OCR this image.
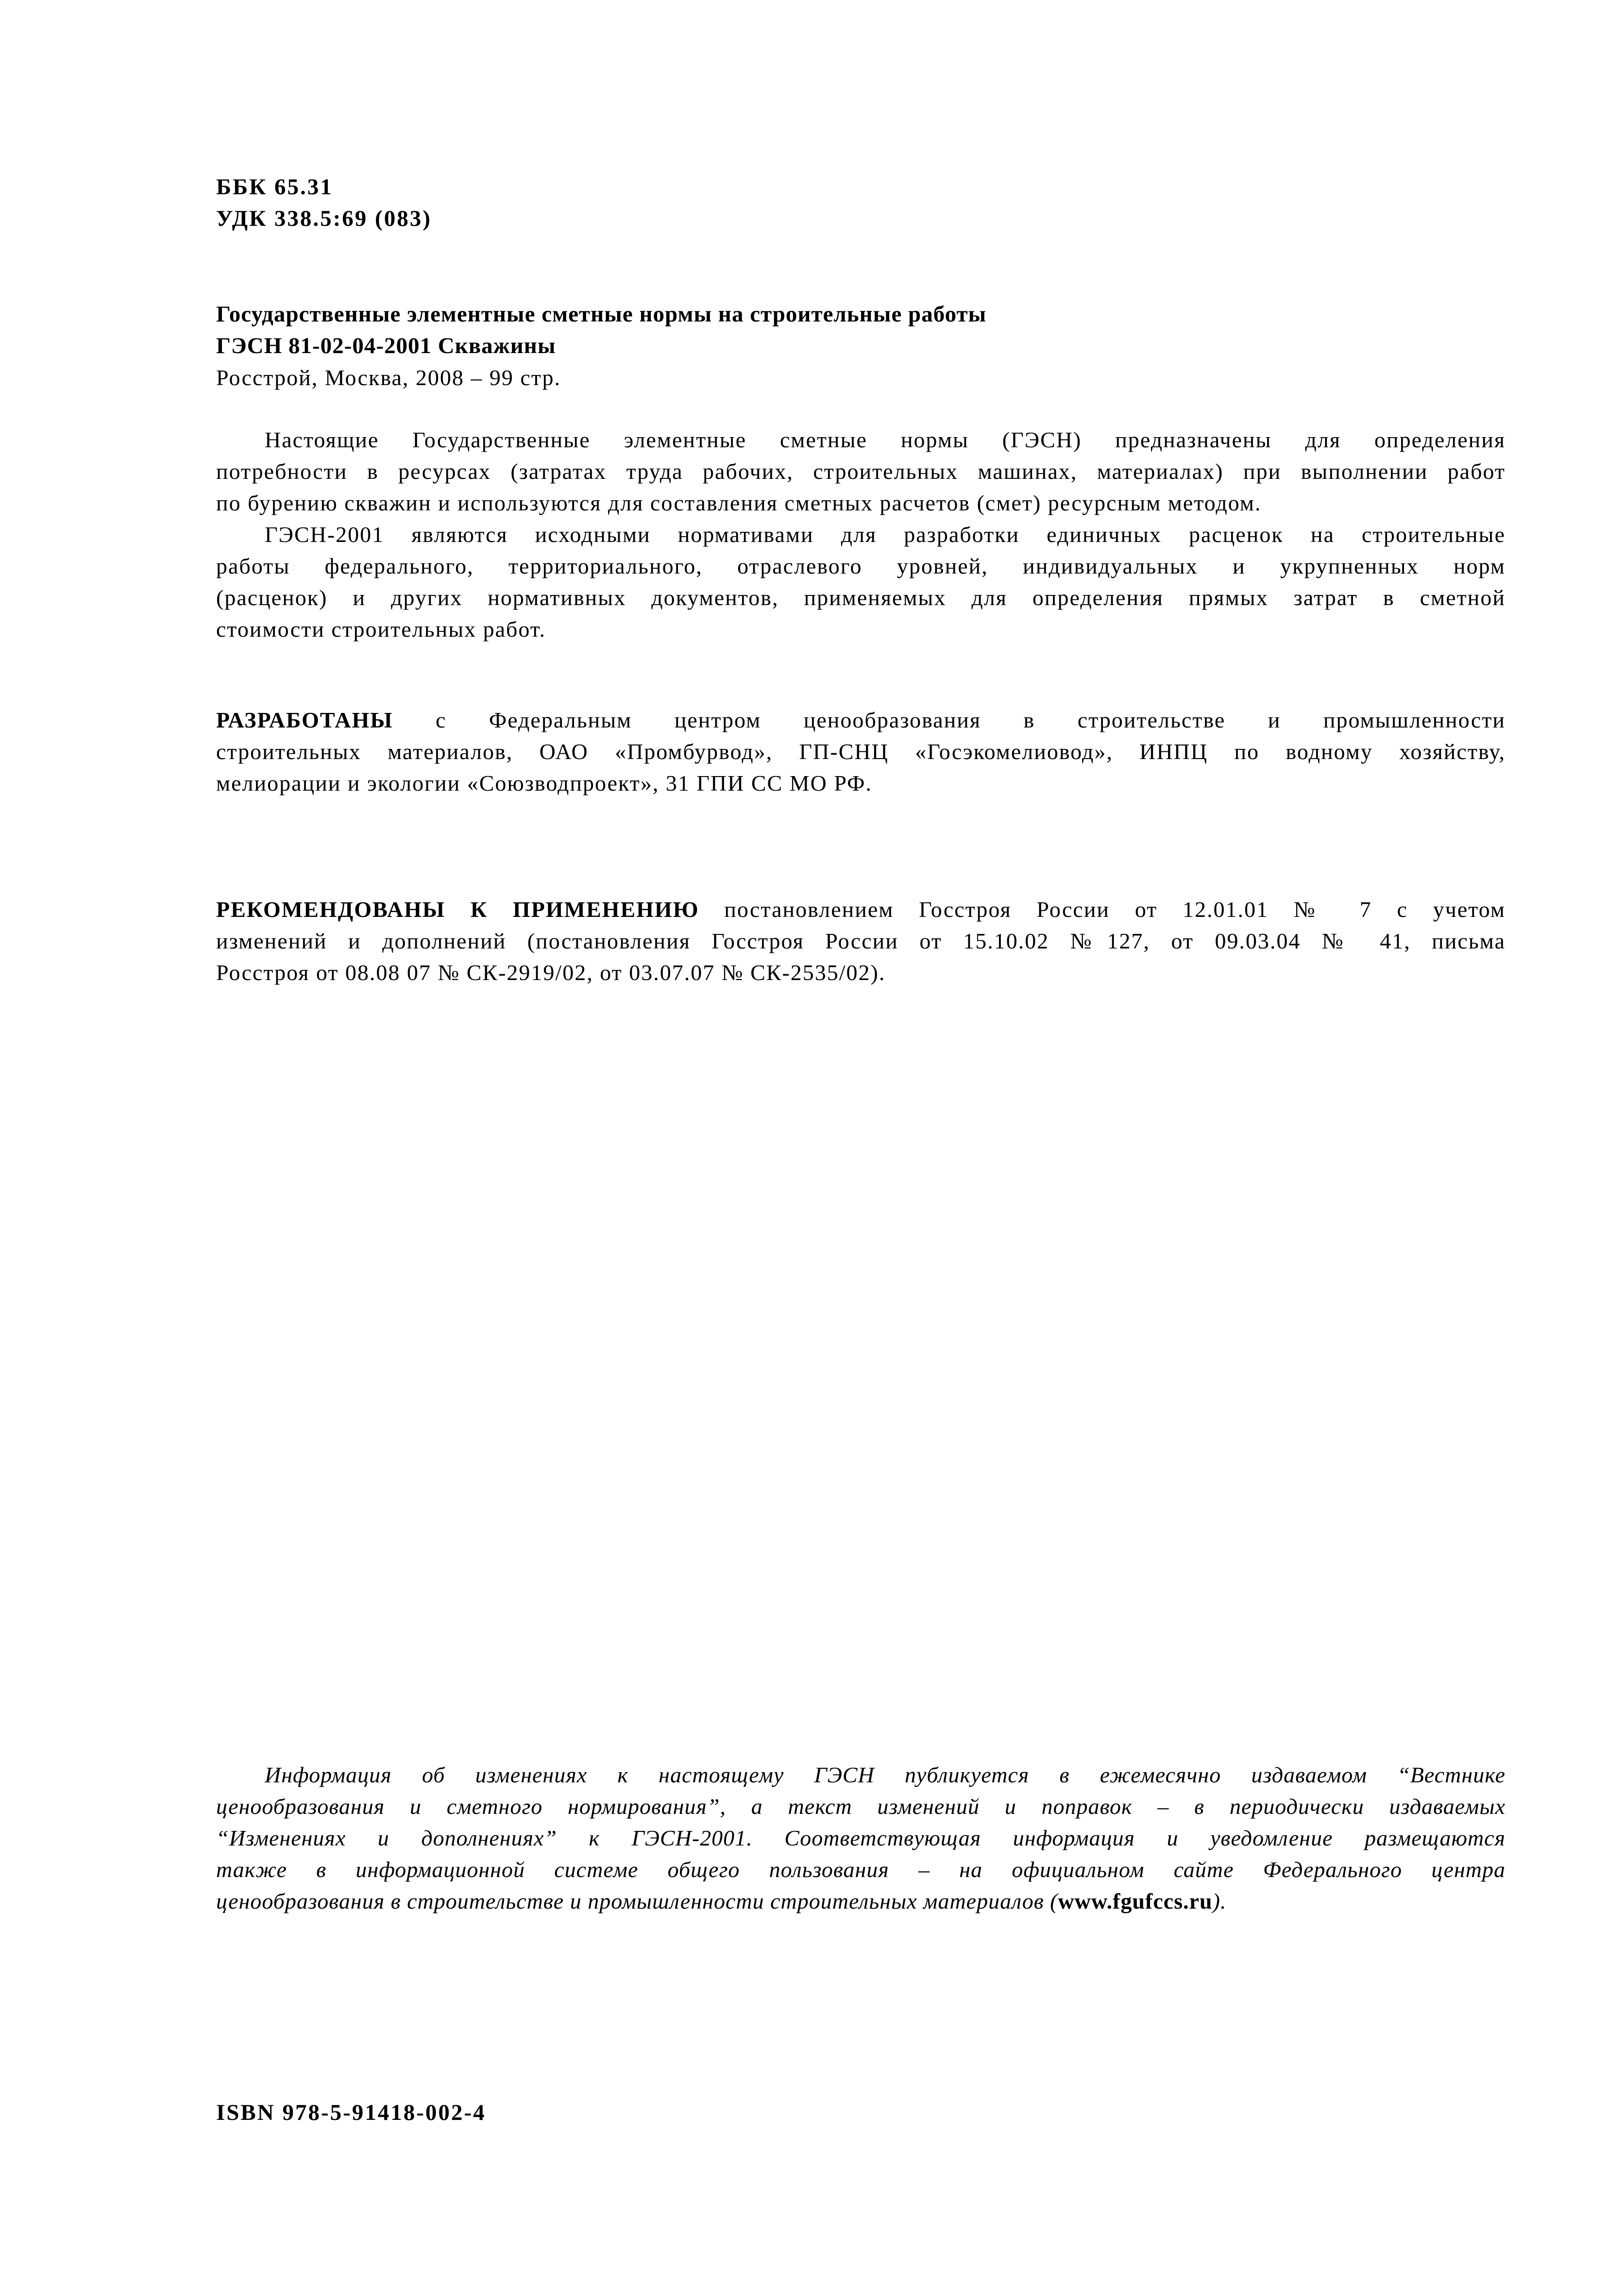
ББК 65.31
УДК 338.5:69 (083)
Государственные элементные сметные нормы на строительные работы
ГЭСН 81-02-04-2001 Скважины
Росстрой, Москва, 2008 – 99 стр.
Настоящие Государственные элементные сметные нормы (ГЭСН) предназначены для определения
потребности в ресурсах (затратах труда рабочих, строительных машинах, материалах) при выполнении работ
по бурению скважин и используются для составления сметных расчетов (смет) ресурсным методом.
ГЭСН-2001 являются исходными нормативами для разработки единичных расценок на строительные
работы федерального, территориального, отраслевого уровней, индивидуальных и укрупненных норм
(расценок) и других нормативных документов, применяемых для определения прямых затрат в сметной
стоимости строительных работ.
РАЗРАБОТАНЫ с Федеральным центром ценообразования в строительстве и промышленности
строительных материалов, ОАО «Промбурвод», ГП-СНЦ «Госэкомелиовод», ИНПЦ по водному хозяйству,
мелиорации и экологии «Союзводпроект», 31 ГПИ СС МО РФ.
РЕКОМЕНДОВАНЫ К ПРИМЕНЕНИЮ постановлением Госстроя России от 12.01.01 № 7 с учетом
изменений и дополнений (постановления Госстроя России от 15.10.02 №127, от 09.03.04 № 41, письма
Росстроя от 08.08 07 № СК-2919/02, от 03.07.07 № СК-2535/02).
Информация об изменениях к настоящему ГЭСН публикуется в ежемесячно издаваемом “Вестнике
ценообразования и сметного нормирования”, а текст изменений и поправок – в периодически издаваемых
“Изменениях и дополнениях” к ГЭСН-2001. Соответствующая информация и уведомление размещаются
также в информационной системе общего пользования – на официальном сайте Федерального центра
ценообразования в строительстве и промышленности строительных материалов (www.fgufccs.ru).
ISBN 978-5-91418-002-4
